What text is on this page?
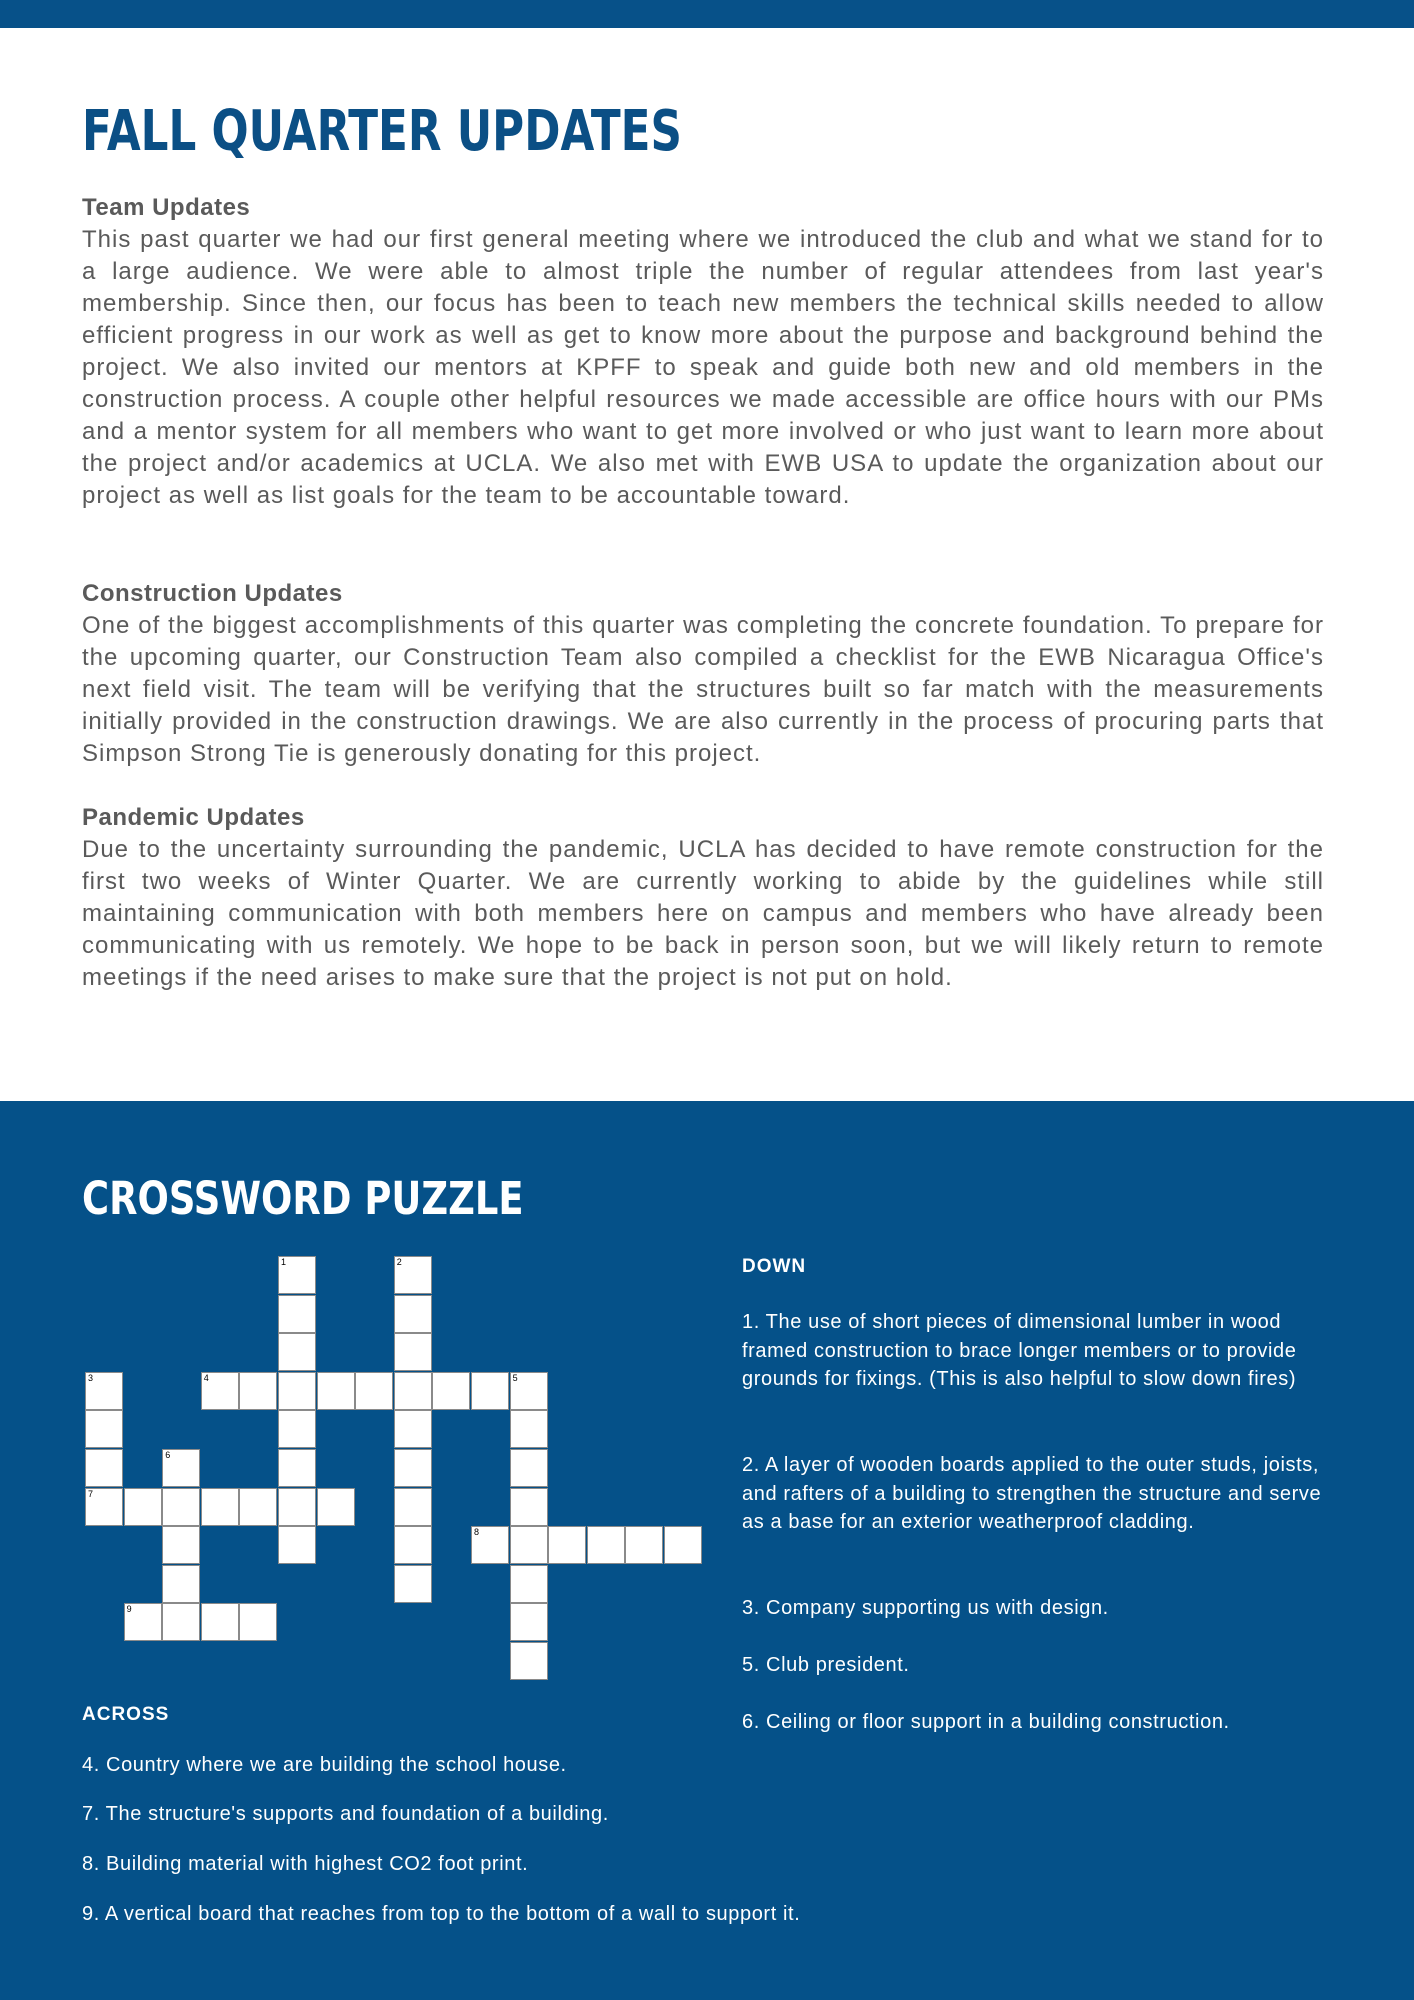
FALL QUARTER UPDATES
Team Updates

This past quarter we had our first general meeting where we introduced the club and what we stand for to a large audience. We were able to almost triple the number of regular attendees from last year's membership. Since then, our focus has been to teach new members the technical skills needed to allow efficient progress in our work as well as get to know more about the purpose and background behind the project. We also invited our mentors at KPFF to speak and guide both new and old members in the construction process. A couple other helpful resources we made accessible are office hours with our PMs and a mentor system for all members who want to get more involved or who just want to learn more about the project and/or academics at UCLA. We also met with EWB USA to update the organization about our project as well as list goals for the team to be accountable toward.

Construction Updates

One of the biggest accomplishments of this quarter was completing the concrete foundation. To prepare for the upcoming quarter, our Construction Team also compiled a checklist for the EWB Nicaragua Office's next field visit. The team will be verifying that the structures built so far match with the measurements initially provided in the construction drawings. We are also currently in the process of procuring parts that Simpson Strong Tie is generously donating for this project.

Pandemic Updates

Due to the uncertainty surrounding the pandemic, UCLA has decided to have remote construction for the first two weeks of Winter Quarter. We are currently working to abide by the guidelines while still maintaining communication with both members here on campus and members who have already been communicating with us remotely. We hope to be back in person soon, but we will likely return to remote meetings if the need arises to make sure that the project is not put on hold.

CROSSWORD PUZZLE
1	2
3
7
4	5
6
8
9
DOWN

1. The use of short pieces of dimensional lumber in wood framed construction to brace longer members or to provide grounds for fixings. (This is also helpful to slow down fires)

2. A layer of wooden boards applied to the outer studs, joists, and rafters of a building to strengthen the structure and serve as a base for an exterior weatherproof cladding.

3. Company supporting us with design.

5. Club president.

6. Ceiling or floor support in a building construction.

ACROSS

4. Country where we are building the school house.

7. The structure's supports and foundation of a building.

8. Building material with highest CO2 foot print.

9. A vertical board that reaches from top to the bottom of a wall to support it.
